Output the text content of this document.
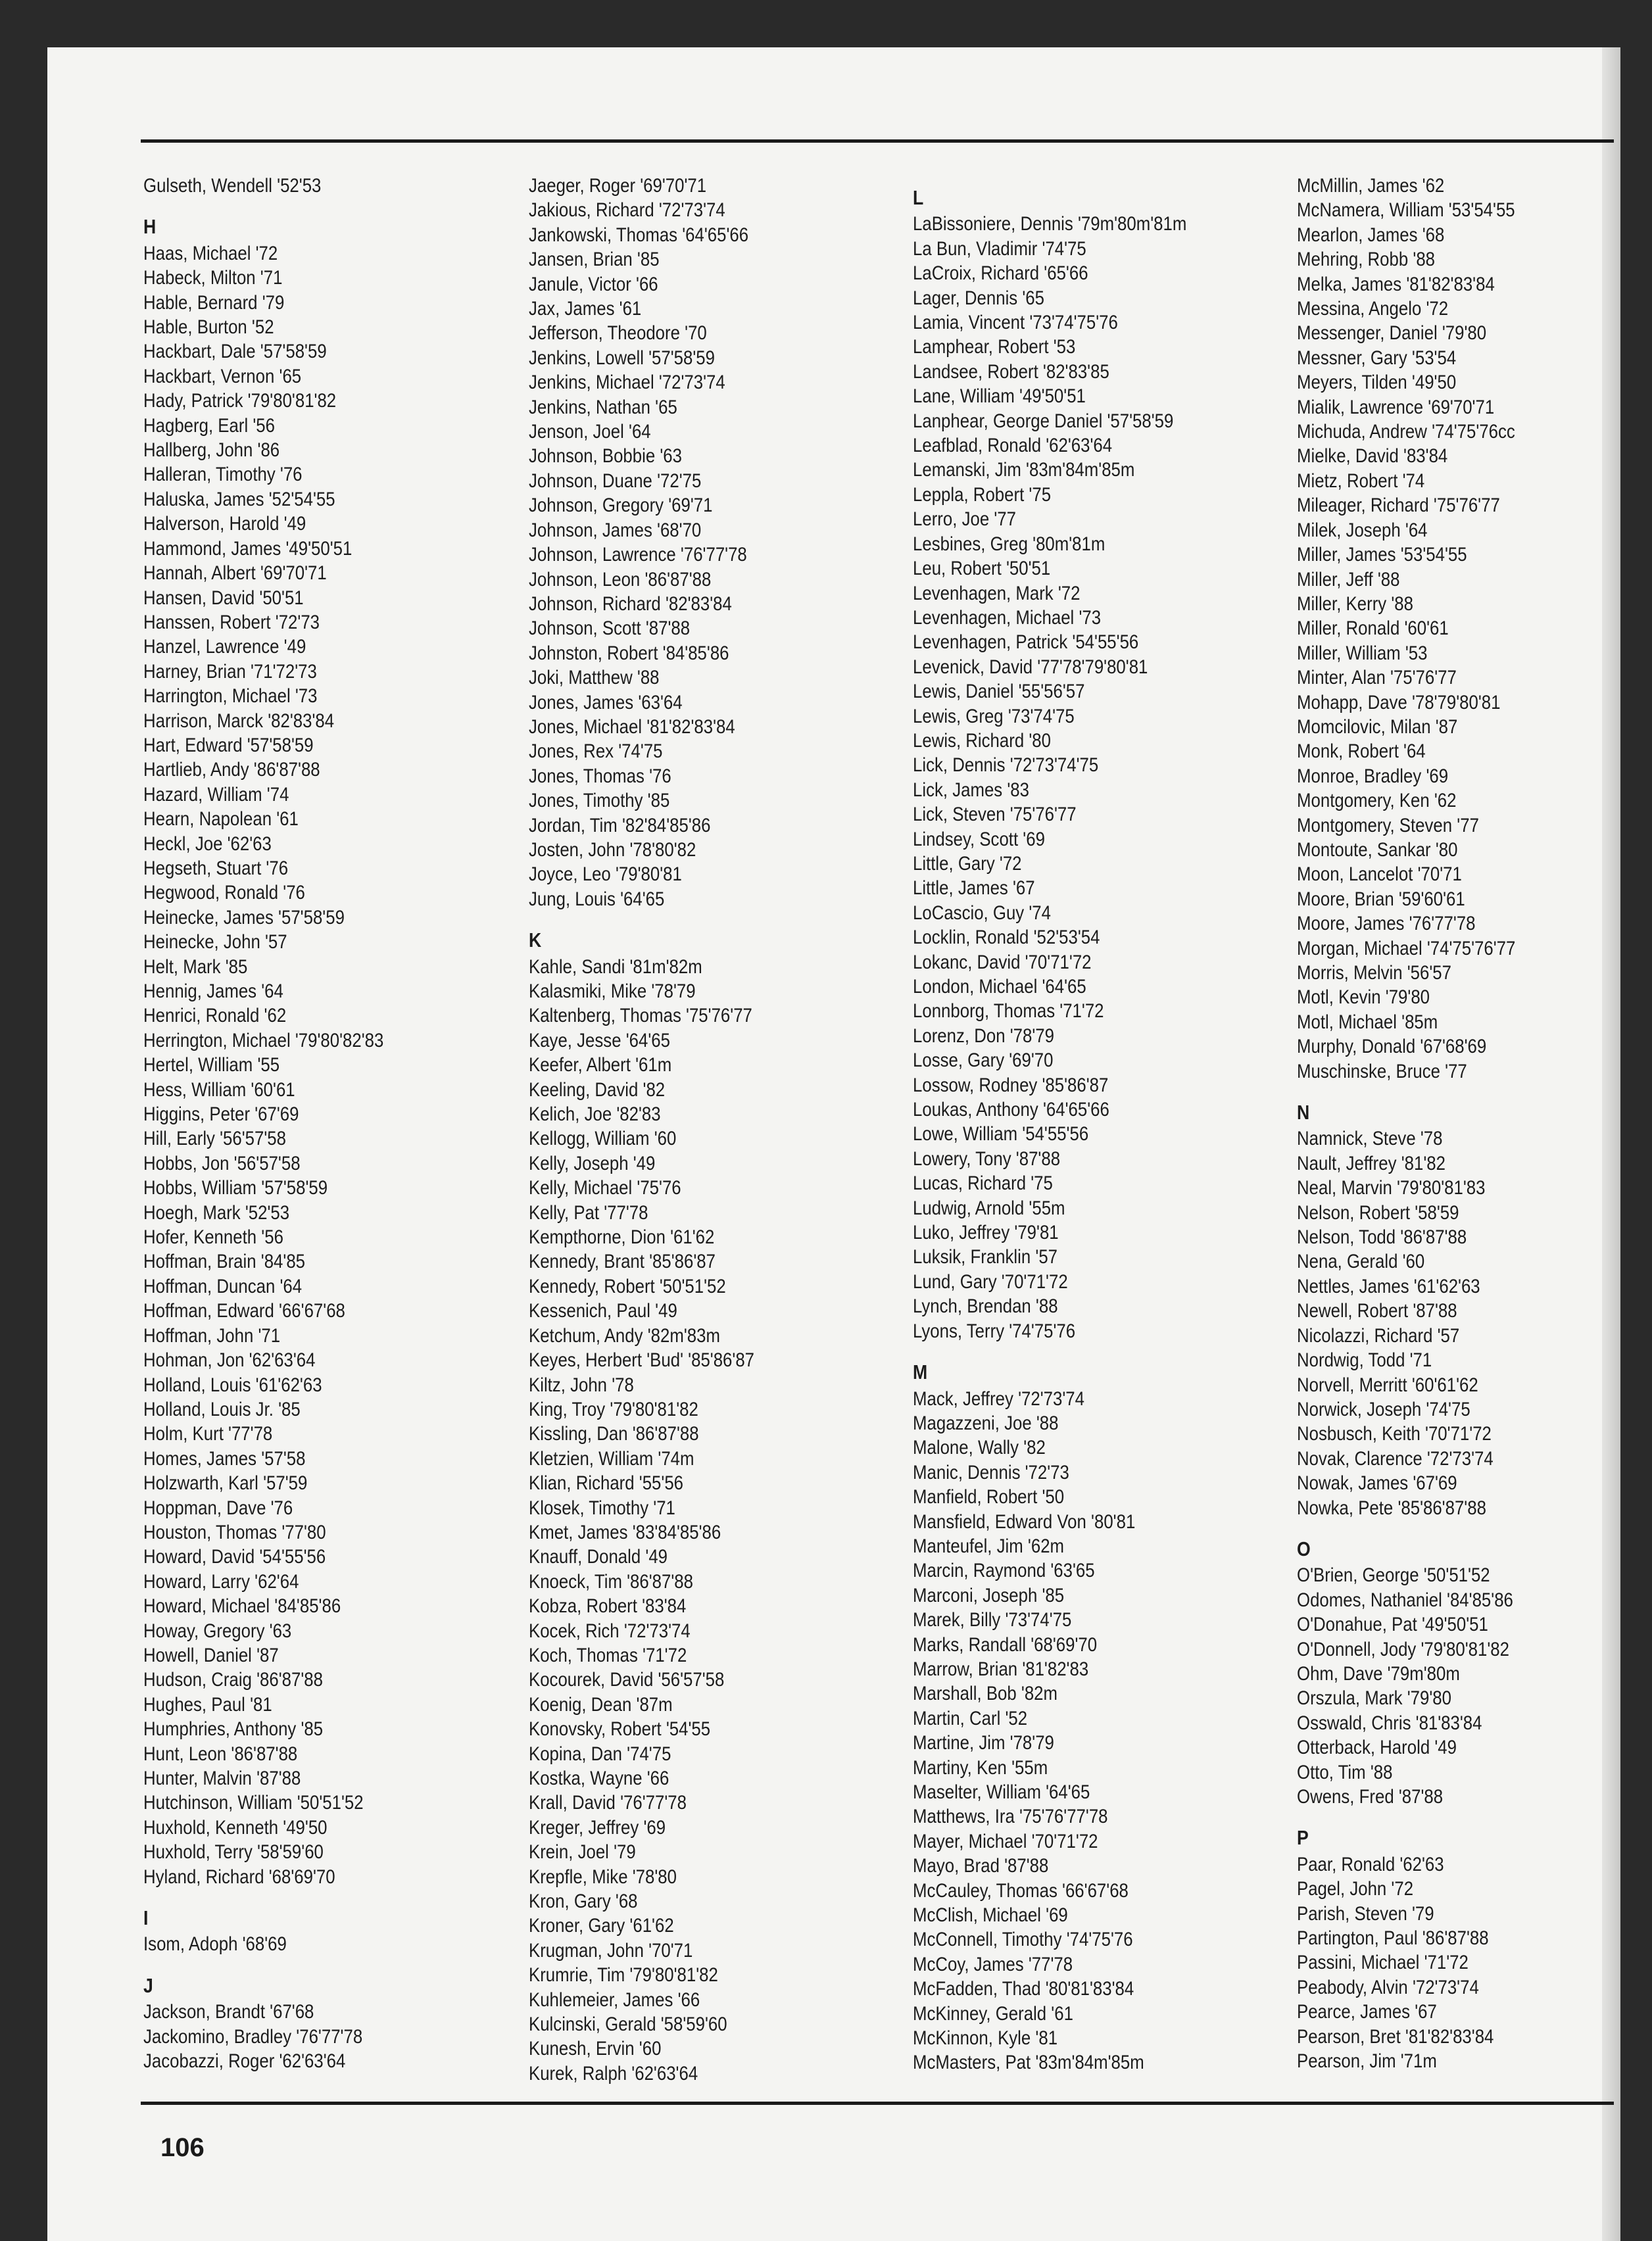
Gulseth, Wendell '52'53
H
Haas, Michael '72
Habeck, Milton '71
Hable, Bernard '79
Hable, Burton '52
Hackbart, Dale '57'58'59
Hackbart, Vernon '65
Hady, Patrick '79'80'81'82
Hagberg, Earl '56
Hallberg, John '86
Halleran, Timothy '76
Haluska, James '52'54'55
Halverson, Harold '49
Hammond, James '49'50'51
Hannah, Albert '69'70'71
Hansen, David '50'51
Hanssen, Robert '72'73
Hanzel, Lawrence '49
Harney, Brian '71'72'73
Harrington, Michael '73
Harrison, Marck '82'83'84
Hart, Edward '57'58'59
Hartlieb, Andy '86'87'88
Hazard, William '74
Hearn, Napolean '61
Heckl, Joe '62'63
Hegseth, Stuart '76
Hegwood, Ronald '76
Heinecke, James '57'58'59
Heinecke, John '57
Helt, Mark '85
Hennig, James '64
Henrici, Ronald '62
Herrington, Michael '79'80'82'83
Hertel, William '55
Hess, William '60'61
Higgins, Peter '67'69
Hill, Early '56'57'58
Hobbs, Jon '56'57'58
Hobbs, William '57'58'59
Hoegh, Mark '52'53
Hofer, Kenneth '56
Hoffman, Brain '84'85
Hoffman, Duncan '64
Hoffman, Edward '66'67'68
Hoffman, John '71
Hohman, Jon '62'63'64
Holland, Louis '61'62'63
Holland, Louis Jr. '85
Holm, Kurt '77'78
Homes, James '57'58
Holzwarth, Karl '57'59
Hoppman, Dave '76
Houston, Thomas '77'80
Howard, David '54'55'56
Howard, Larry '62'64
Howard, Michael '84'85'86
Howay, Gregory '63
Howell, Daniel '87
Hudson, Craig '86'87'88
Hughes, Paul '81
Humphries, Anthony '85
Hunt, Leon '86'87'88
Hunter, Malvin '87'88
Hutchinson, William '50'51'52
Huxhold, Kenneth '49'50
Huxhold, Terry '58'59'60
Hyland, Richard '68'69'70
I
Isom, Adoph '68'69
J
Jackson, Brandt '67'68
Jackomino, Bradley '76'77'78
Jacobazzi, Roger '62'63'64
Jaeger, Roger '69'70'71
Jakious, Richard '72'73'74
Jankowski, Thomas '64'65'66
Jansen, Brian '85
Janule, Victor '66
Jax, James '61
Jefferson, Theodore '70
Jenkins, Lowell '57'58'59
Jenkins, Michael '72'73'74
Jenkins, Nathan '65
Jenson, Joel '64
Johnson, Bobbie '63
Johnson, Duane '72'75
Johnson, Gregory '69'71
Johnson, James '68'70
Johnson, Lawrence '76'77'78
Johnson, Leon '86'87'88
Johnson, Richard '82'83'84
Johnson, Scott '87'88
Johnston, Robert '84'85'86
Joki, Matthew '88
Jones, James '63'64
Jones, Michael '81'82'83'84
Jones, Rex '74'75
Jones, Thomas '76
Jones, Timothy '85
Jordan, Tim '82'84'85'86
Josten, John '78'80'82
Joyce, Leo '79'80'81
Jung, Louis '64'65
K
Kahle, Sandi '81m'82m
Kalasmiki, Mike '78'79
Kaltenberg, Thomas '75'76'77
Kaye, Jesse '64'65
Keefer, Albert '61m
Keeling, David '82
Kelich, Joe '82'83
Kellogg, William '60
Kelly, Joseph '49
Kelly, Michael '75'76
Kelly, Pat '77'78
Kempthorne, Dion '61'62
Kennedy, Brant '85'86'87
Kennedy, Robert '50'51'52
Kessenich, Paul '49
Ketchum, Andy '82m'83m
Keyes, Herbert 'Bud' '85'86'87
Kiltz, John '78
King, Troy '79'80'81'82
Kissling, Dan '86'87'88
Kletzien, William '74m
Klian, Richard '55'56
Klosek, Timothy '71
Kmet, James '83'84'85'86
Knauff, Donald '49
Knoeck, Tim '86'87'88
Kobza, Robert '83'84
Kocek, Rich '72'73'74
Koch, Thomas '71'72
Kocourek, David '56'57'58
Koenig, Dean '87m
Konovsky, Robert '54'55
Kopina, Dan '74'75
Kostka, Wayne '66
Krall, David '76'77'78
Kreger, Jeffrey '69
Krein, Joel '79
Krepfle, Mike '78'80
Kron, Gary '68
Kroner, Gary '61'62
Krugman, John '70'71
Krumrie, Tim '79'80'81'82
Kuhlemeier, James '66
Kulcinski, Gerald '58'59'60
Kunesh, Ervin '60
Kurek, Ralph '62'63'64
L
LaBissoniere, Dennis '79m'80m'81m
La Bun, Vladimir '74'75
LaCroix, Richard '65'66
Lager, Dennis '65
Lamia, Vincent '73'74'75'76
Lamphear, Robert '53
Landsee, Robert '82'83'85
Lane, William '49'50'51
Lanphear, George Daniel '57'58'59
Leafblad, Ronald '62'63'64
Lemanski, Jim '83m'84m'85m
Leppla, Robert '75
Lerro, Joe '77
Lesbines, Greg '80m'81m
Leu, Robert '50'51
Levenhagen, Mark '72
Levenhagen, Michael '73
Levenhagen, Patrick '54'55'56
Levenick, David '77'78'79'80'81
Lewis, Daniel '55'56'57
Lewis, Greg '73'74'75
Lewis, Richard '80
Lick, Dennis '72'73'74'75
Lick, James '83
Lick, Steven '75'76'77
Lindsey, Scott '69
Little, Gary '72
Little, James '67
LoCascio, Guy '74
Locklin, Ronald '52'53'54
Lokanc, David '70'71'72
London, Michael '64'65
Lonnborg, Thomas '71'72
Lorenz, Don '78'79
Losse, Gary '69'70
Lossow, Rodney '85'86'87
Loukas, Anthony '64'65'66
Lowe, William '54'55'56
Lowery, Tony '87'88
Lucas, Richard '75
Ludwig, Arnold '55m
Luko, Jeffrey '79'81
Luksik, Franklin '57
Lund, Gary '70'71'72
Lynch, Brendan '88
Lyons, Terry '74'75'76
M
Mack, Jeffrey '72'73'74
Magazzeni, Joe '88
Malone, Wally '82
Manic, Dennis '72'73
Manfield, Robert '50
Mansfield, Edward Von '80'81
Manteufel, Jim '62m
Marcin, Raymond '63'65
Marconi, Joseph '85
Marek, Billy '73'74'75
Marks, Randall '68'69'70
Marrow, Brian '81'82'83
Marshall, Bob '82m
Martin, Carl '52
Martine, Jim '78'79
Martiny, Ken '55m
Maselter, William '64'65
Matthews, Ira '75'76'77'78
Mayer, Michael '70'71'72
Mayo, Brad '87'88
McCauley, Thomas '66'67'68
McClish, Michael '69
McConnell, Timothy '74'75'76
McCoy, James '77'78
McFadden, Thad '80'81'83'84
McKinney, Gerald '61
McKinnon, Kyle '81
McMasters, Pat '83m'84m'85m
McMillin, James '62
McNamera, William '53'54'55
Mearlon, James '68
Mehring, Robb '88
Melka, James '81'82'83'84
Messina, Angelo '72
Messenger, Daniel '79'80
Messner, Gary '53'54
Meyers, Tilden '49'50
Mialik, Lawrence '69'70'71
Michuda, Andrew '74'75'76cc
Mielke, David '83'84
Mietz, Robert '74
Mileager, Richard '75'76'77
Milek, Joseph '64
Miller, James '53'54'55
Miller, Jeff '88
Miller, Kerry '88
Miller, Ronald '60'61
Miller, William '53
Minter, Alan '75'76'77
Mohapp, Dave '78'79'80'81
Momcilovic, Milan '87
Monk, Robert '64
Monroe, Bradley '69
Montgomery, Ken '62
Montgomery, Steven '77
Montoute, Sankar '80
Moon, Lancelot '70'71
Moore, Brian '59'60'61
Moore, James '76'77'78
Morgan, Michael '74'75'76'77
Morris, Melvin '56'57
Motl, Kevin '79'80
Motl, Michael '85m
Murphy, Donald '67'68'69
Muschinske, Bruce '77
N
Namnick, Steve '78
Nault, Jeffrey '81'82
Neal, Marvin '79'80'81'83
Nelson, Robert '58'59
Nelson, Todd '86'87'88
Nena, Gerald '60
Nettles, James '61'62'63
Newell, Robert '87'88
Nicolazzi, Richard '57
Nordwig, Todd '71
Norvell, Merritt '60'61'62
Norwick, Joseph '74'75
Nosbusch, Keith '70'71'72
Novak, Clarence '72'73'74
Nowak, James '67'69
Nowka, Pete '85'86'87'88
O
O'Brien, George '50'51'52
Odomes, Nathaniel '84'85'86
O'Donahue, Pat '49'50'51
O'Donnell, Jody '79'80'81'82
Ohm, Dave '79m'80m
Orszula, Mark '79'80
Osswald, Chris '81'83'84
Otterback, Harold '49
Otto, Tim '88
Owens, Fred '87'88
P
Paar, Ronald '62'63
Pagel, John '72
Parish, Steven '79
Partington, Paul '86'87'88
Passini, Michael '71'72
Peabody, Alvin '72'73'74
Pearce, James '67
Pearson, Bret '81'82'83'84
Pearson, Jim '71m
106
